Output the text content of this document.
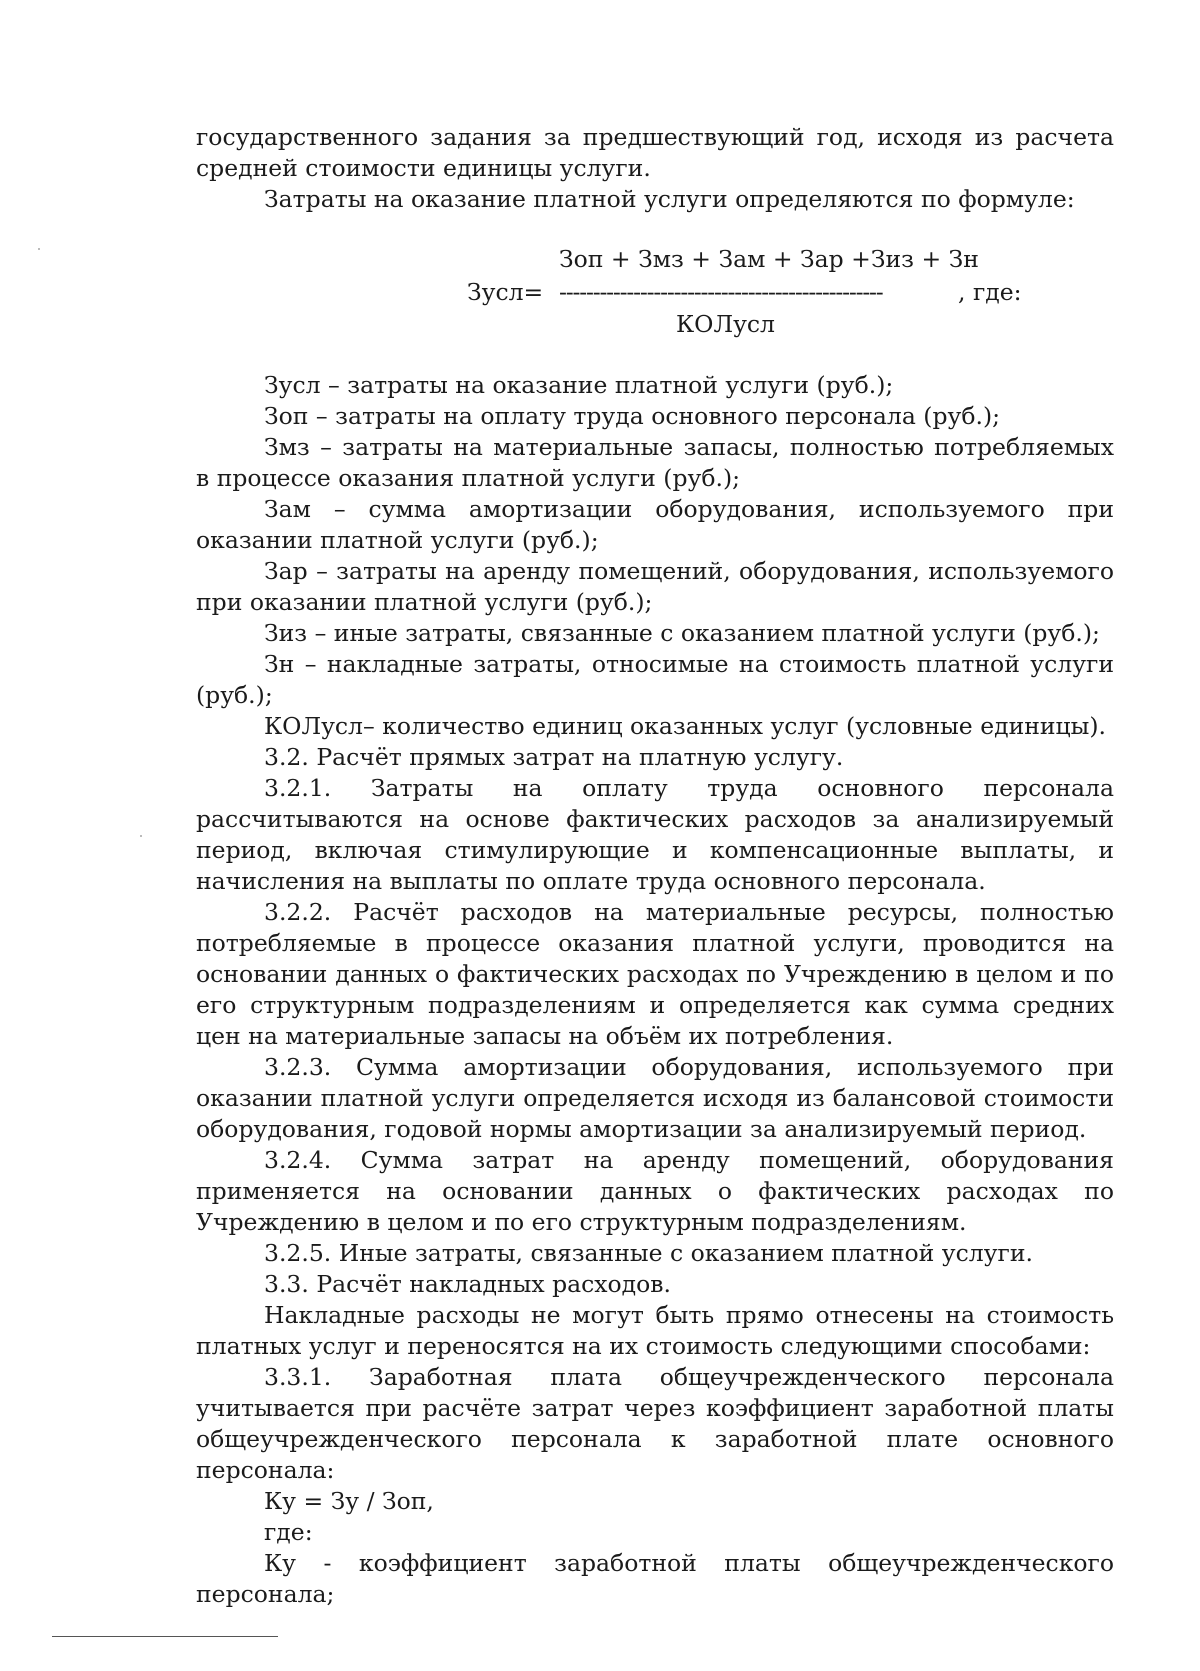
государственного задания за предшествующий год, исходя из расчета средней стоимости единицы услуги.

Затраты на оказание платной услуги определяются по формуле:

Зоп + Змз + Зам + Зар +Зиз + Зн
Зусл= ------------------------------------------------	, где:
КОЛусл

Зусл – затраты на оказание платной услуги (руб.);

Зоп – затраты на оплату труда основного персонала (руб.);

Змз – затраты на материальные запасы, полностью потребляемых в процессе оказания платной услуги (руб.);

Зам – сумма амортизации оборудования, используемого при оказании платной услуги (руб.);

Зар – затраты на аренду помещений, оборудования, используемого при оказании платной услуги (руб.);

Зиз – иные затраты, связанные с оказанием платной услуги (руб.);

Зн – накладные затраты, относимые на стоимость платной услуги (руб.);

КОЛусл– количество единиц оказанных услуг (условные единицы).

3.2. Расчёт прямых затрат на платную услугу.

3.2.1. Затраты на оплату труда основного персонала рассчитываются на основе фактических расходов за анализируемый период, включая стимулирующие и компенсационные выплаты, и начисления на выплаты по оплате труда основного персонала.

3.2.2. Расчёт расходов на материальные ресурсы, полностью потребляемые в процессе оказания платной услуги, проводится на основании данных о фактических расходах по Учреждению в целом и по его структурным подразделениям и определяется как сумма средних цен на материальные запасы на объём их потребления.

3.2.3. Сумма амортизации оборудования, используемого при оказании платной услуги определяется исходя из балансовой стоимости оборудования, годовой нормы амортизации за анализируемый период.

3.2.4. Сумма затрат на аренду помещений, оборудования применяется на основании данных о фактических расходах по Учреждению в целом и по его структурным подразделениям.

3.2.5. Иные затраты, связанные с оказанием платной услуги.

3.3. Расчёт накладных расходов.

Накладные расходы не могут быть прямо отнесены на стоимость платных услуг и переносятся на их стоимость следующими способами:

3.3.1. Заработная плата общеучрежденческого персонала учитывается при расчёте затрат через коэффициент заработной платы общеучрежденческого персонала к заработной плате основного персонала:

Ку = Зу / Зоп,

где:

Ку - коэффициент заработной платы общеучрежденческого персонала;
